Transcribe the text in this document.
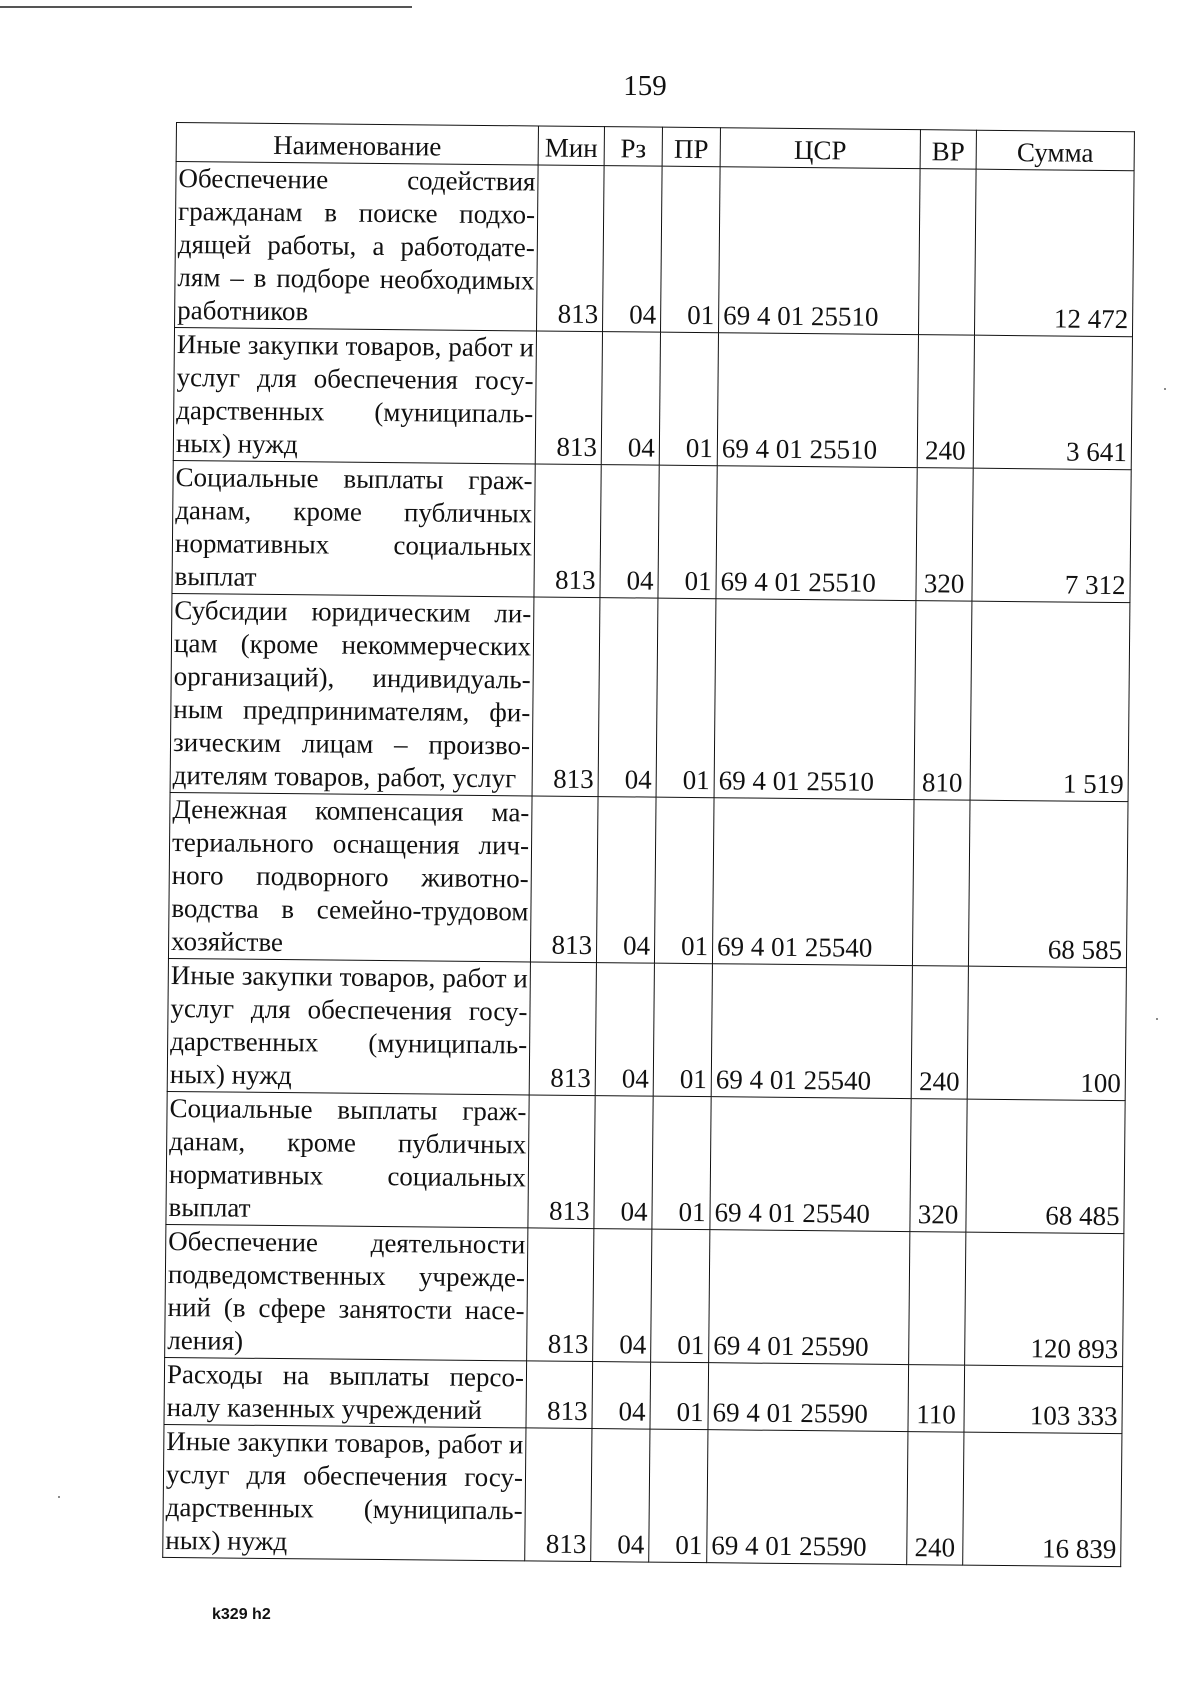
159
Наименование	Мин	Рз	ПР	ЦСР	ВР	Сумма
Обеспечение содействия гражданам в поиске подходящей работы, а работодателям – в подборе необходимых работников	813	04	01	69 4 01 25510		12 472
Иные закупки товаров, работ и услуг для обеспечения государственных (муниципальных) нужд	813	04	01	69 4 01 25510	240	3 641
Социальные выплаты гражданам, кроме публичных нормативных социальных выплат	813	04	01	69 4 01 25510	320	7 312
Субсидии юридическим лицам (кроме некоммерческих организаций), индивидуальным предпринимателям, физическим лицам – производителям товаров, работ, услуг	813	04	01	69 4 01 25510	810	1 519
Денежная компенсация материального оснащения личного подворного животноводства в семейно-трудовом хозяйстве	813	04	01	69 4 01 25540		68 585
Иные закупки товаров, работ и услуг для обеспечения государственных (муниципальных) нужд	813	04	01	69 4 01 25540	240	100
Социальные выплаты гражданам, кроме публичных нормативных социальных выплат	813	04	01	69 4 01 25540	320	68 485
Обеспечение деятельности подведомственных учреждений (в сфере занятости населения)	813	04	01	69 4 01 25590		120 893
Расходы на выплаты персоналу казенных учреждений	813	04	01	69 4 01 25590	110	103 333
Иные закупки товаров, работ и услуг для обеспечения государственных (муниципальных) нужд	813	04	01	69 4 01 25590	240	16 839
k329 h2
